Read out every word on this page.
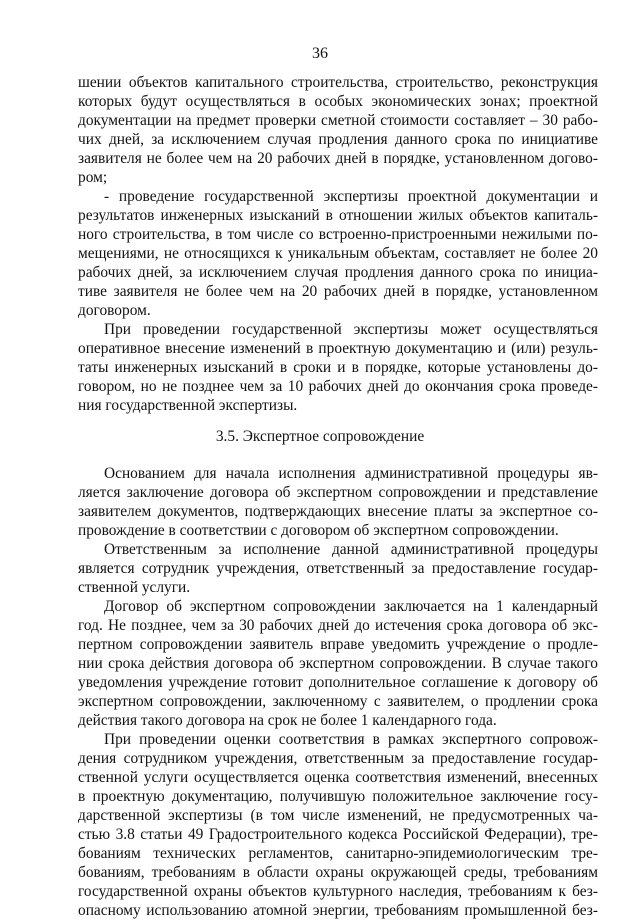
36
шении объектов капитального строительства, строительство, реконструкция
которых будут осуществляться в особых экономических зонах; проектной
документации на предмет проверки сметной стоимости составляет – 30 рабо-
чих дней, за исключением случая продления данного срока по инициативе
заявителя не более чем на 20 рабочих дней в порядке, установленном догово-
ром;
- проведение государственной экспертизы проектной документации и
результатов инженерных изысканий в отношении жилых объектов капиталь-
ного строительства, в том числе со встроенно-пристроенными нежилыми по-
мещениями, не относящихся к уникальным объектам, составляет не более 20
рабочих дней, за исключением случая продления данного срока по инициа-
тиве заявителя не более чем на 20 рабочих дней в порядке, установленном
договором.
При проведении государственной экспертизы может осуществляться
оперативное внесение изменений в проектную документацию и (или) резуль-
таты инженерных изысканий в сроки и в порядке, которые установлены до-
говором, но не позднее чем за 10 рабочих дней до окончания срока проведе-
ния государственной экспертизы.
3.5. Экспертное сопровождение
Основанием для начала исполнения административной процедуры яв-
ляется заключение договора об экспертном сопровождении и представление
заявителем документов, подтверждающих внесение платы за экспертное со-
провождение в соответствии с договором об экспертном сопровождении.
Ответственным за исполнение данной административной процедуры
является сотрудник учреждения, ответственный за предоставление государ-
ственной услуги.
Договор об экспертном сопровождении заключается на 1 календарный
год. Не позднее, чем за 30 рабочих дней до истечения срока договора об экс-
пертном сопровождении заявитель вправе уведомить учреждение о продле-
нии срока действия договора об экспертном сопровождении. В случае такого
уведомления учреждение готовит дополнительное соглашение к договору об
экспертном сопровождении, заключенному с заявителем, о продлении срока
действия такого договора на срок не более 1 календарного года.
При проведении оценки соответствия в рамках экспертного сопровож-
дения сотрудником учреждения, ответственным за предоставление государ-
ственной услуги осуществляется оценка соответствия изменений, внесенных
в проектную документацию, получившую положительное заключение госу-
дарственной экспертизы (в том числе изменений, не предусмотренных ча-
стью 3.8 статьи 49 Градостроительного кодекса Российской Федерации), тре-
бованиям технических регламентов, санитарно-эпидемиологическим тре-
бованиям, требованиям в области охраны окружающей среды, требованиям
государственной охраны объектов культурного наследия, требованиям к без-
опасному использованию атомной энергии, требованиям промышленной без-
